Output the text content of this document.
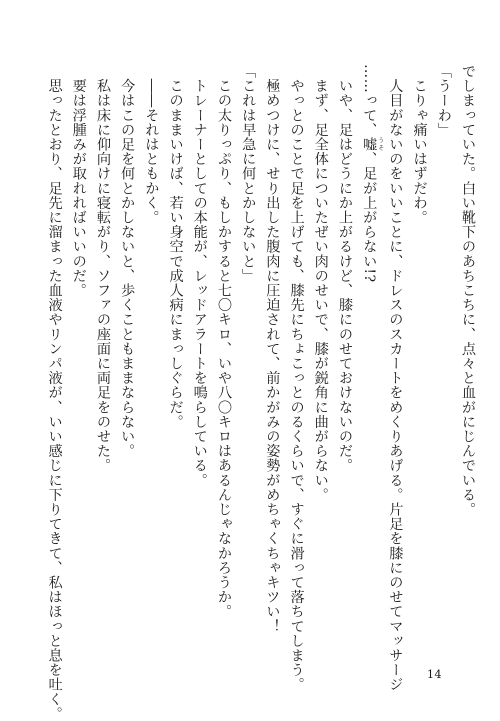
でしまっていた。白い靴下のあちこちに、点々と血がにじんでいる。

「うーわ」

　こりゃ痛いはずだわ。

　人目がないのをいいことに、ドレスのスカートをめくりあげる。片足を膝にのせてマッサージ

……って、嘘 うそ、足が上がらない!?

　いや、足はどうにか上がるけど、膝にのせておけないのだ。

　まず、足全体についたぜい肉のせいで、膝が鋭角に曲がらない。

　やっとのことで足を上げても、膝先にちょこっとのるくらいで、すぐに滑って落ちてしまう。

　極めつけに、せり出した腹肉に圧迫されて、前かがみの姿勢がめちゃくちゃキツい！

「これは早急に何とかしないと」

　この太りっぷり、もしかすると七〇キロ、いや八〇キロはあるんじゃなかろうか。

　トレーナーとしての本能が、レッドアラートを鳴らしている。

　このままいけば、若い身空で成人病にまっしぐらだ。

　――それはともかく。

　今はこの足を何とかしないと、歩くこともままならない。

　私は床に仰向けに寝転がり、ソファの座面に両足をのせた。

　要は浮腫みが取れればいいのだ。

　思ったとおり、足先に溜まった血液やリンパ液が、いい感じに下りてきて、私はほっと息を吐く。	14
